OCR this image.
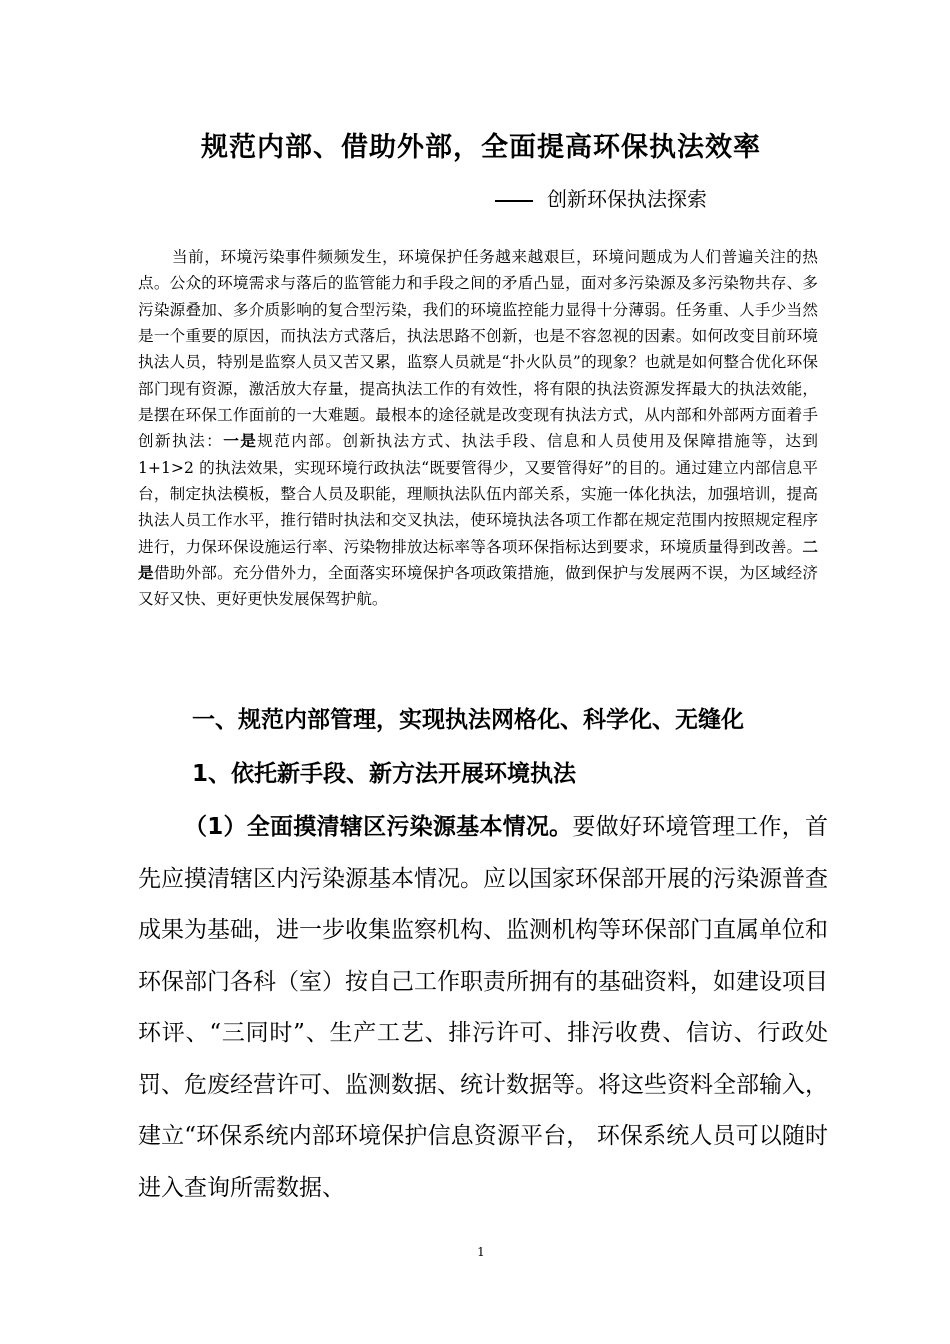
规范内部、借助外部，全面提高环保执法效率
创新环保执法探索

当前，环境污染事件频频发生，环境保护任务越来越艰巨，环境问题成为人们普遍关注的热点。公众的环境需求与落后的监管能力和手段之间的矛盾凸显，面对多污染源及多污染物共存、多污染源叠加、多介质影响的复合型污染，我们的环境监控能力显得十分薄弱。任务重、人手少当然是一个重要的原因，而执法方式落后，执法思路不创新，也是不容忽视的因素。如何改变目前环境执法人员，特别是监察人员又苦又累，监察人员就是“扑火队员”的现象？也就是如何整合优化环保部门现有资源，激活放大存量，提高执法工作的有效性，将有限的执法资源发挥最大的执法效能，是摆在环保工作面前的一大难题。最根本的途径就是改变现有执法方式，从内部和外部两方面着手创新执法：一是规范内部。创新执法方式、执法手段、信息和人员使用及保障措施等，达到 1+1>2 的执法效果，实现环境行政执法“既要管得少，又要管得好”的目的。通过建立内部信息平台，制定执法模板，整合人员及职能，理顺执法队伍内部关系，实施一体化执法，加强培训，提高执法人员工作水平，推行错时执法和交叉执法，使环境执法各项工作都在规定范围内按照规定程序进行，力保环保设施运行率、污染物排放达标率等各项环保指标达到要求，环境质量得到改善。二是借助外部。充分借外力，全面落实环境保护各项政策措施，做到保护与发展两不误，为区域经济又好又快、更好更快发展保驾护航。

一、规范内部管理，实现执法网格化、科学化、无缝化
1、依托新手段、新方法开展环境执法

（1）全面摸清辖区污染源基本情况。要做好环境管理工作，首先应摸清辖区内污染源基本情况。应以国家环保部开展的污染源普查成果为基础，进一步收集监察机构、监测机构等环保部门直属单位和环保部门各科（室）按自己工作职责所拥有的基础资料，如建设项目环评、“三同时”、生产工艺、排污许可、排污收费、信访、行政处罚、危废经营许可、监测数据、统计数据等。将这些资料全部输入，建立“环保系统内部环境保护信息资源平台， 环保系统人员可以随时进入查询所需数据、

1
